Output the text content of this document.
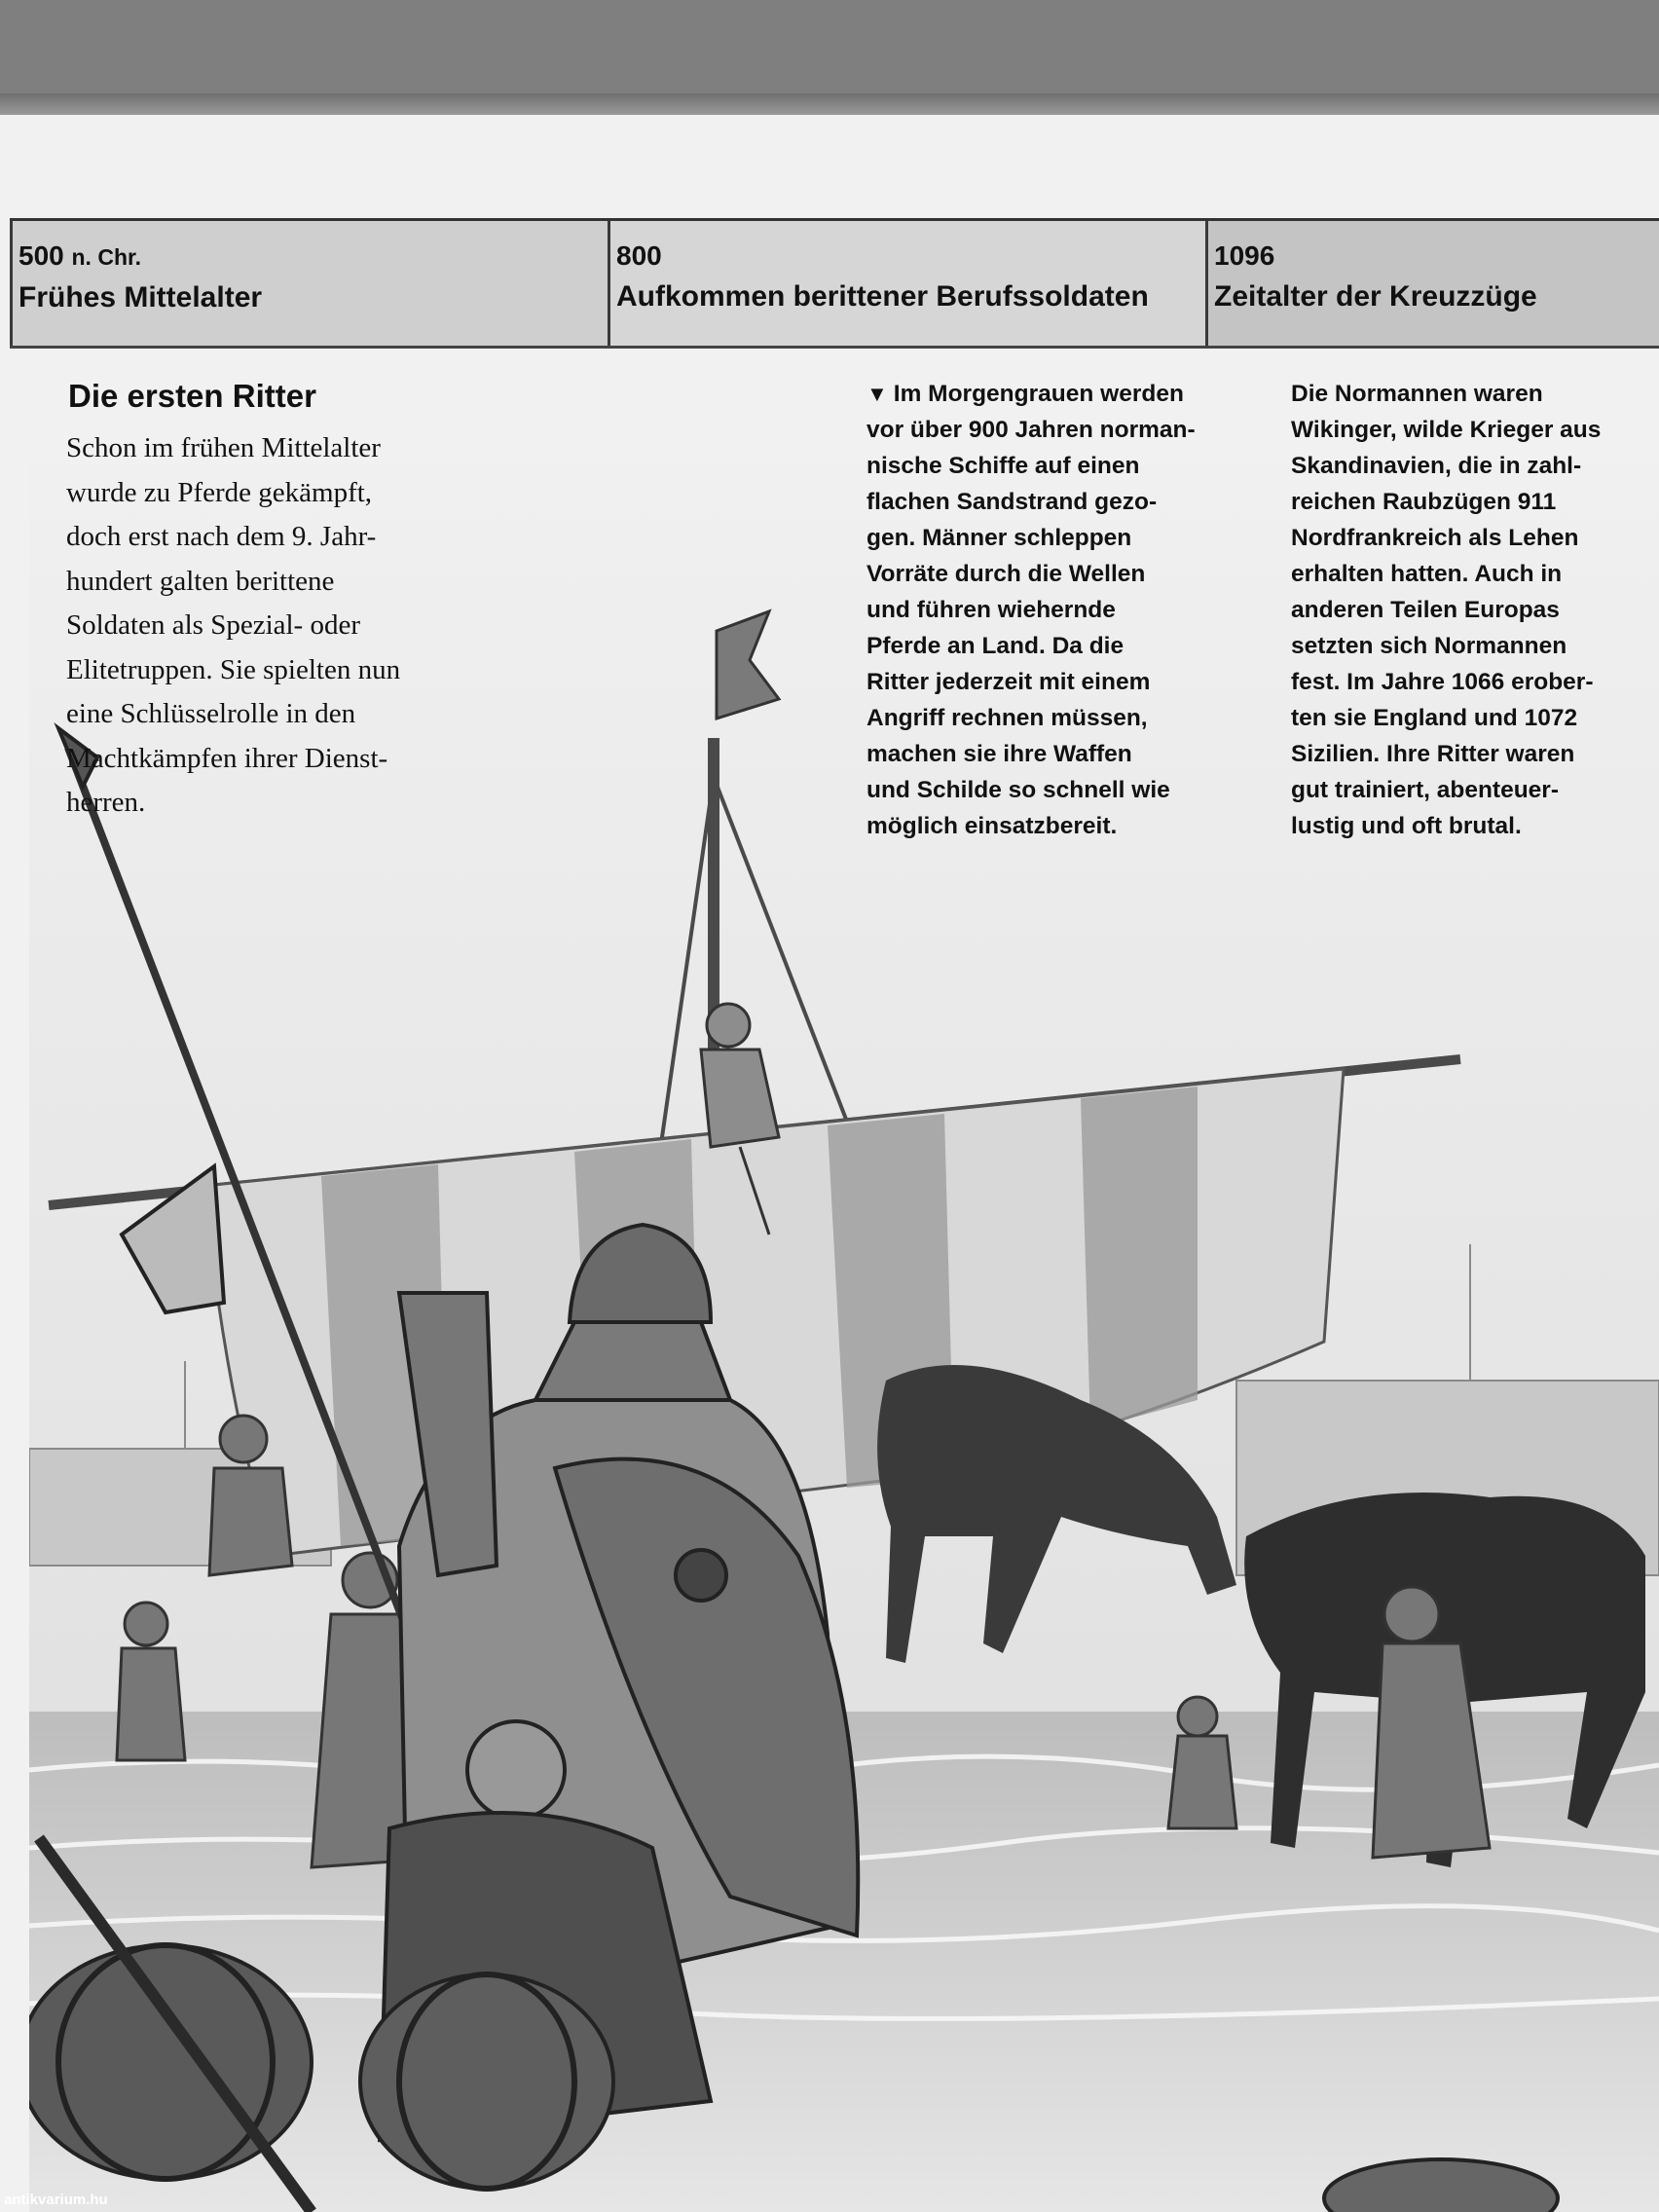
500 n. Chr.
Frühes Mittelalter
800
Aufkommen berittener Berufssoldaten
1096
Zeitalter der Kreuzzüge
Die ersten Ritter
Schon im frühen Mittelalter
wurde zu Pferde gekämpft,
doch erst nach dem 9. Jahr-
hundert galten berittene
Soldaten als Spezial- oder
Elitetruppen. Sie spielten nun
eine Schlüsselrolle in den
Machtkämpfen ihrer Dienst-
herren.
▼ Im Morgengrauen werden
vor über 900 Jahren norman-
nische Schiffe auf einen
flachen Sandstrand gezo-
gen. Männer schleppen
Vorräte durch die Wellen
und führen wiehernde
Pferde an Land. Da die
Ritter jederzeit mit einem
Angriff rechnen müssen,
machen sie ihre Waffen
und Schilde so schnell wie
möglich einsatzbereit.
Die Normannen waren
Wikinger, wilde Krieger aus
Skandinavien, die in zahl-
reichen Raubzügen 911
Nordfrankreich als Lehen
erhalten hatten. Auch in
anderen Teilen Europas
setzten sich Normannen
fest. Im Jahre 1066 erober-
ten sie England und 1072
Sizilien. Ihre Ritter waren
gut trainiert, abenteuer-
lustig und oft brutal.
antikvarium.hu
